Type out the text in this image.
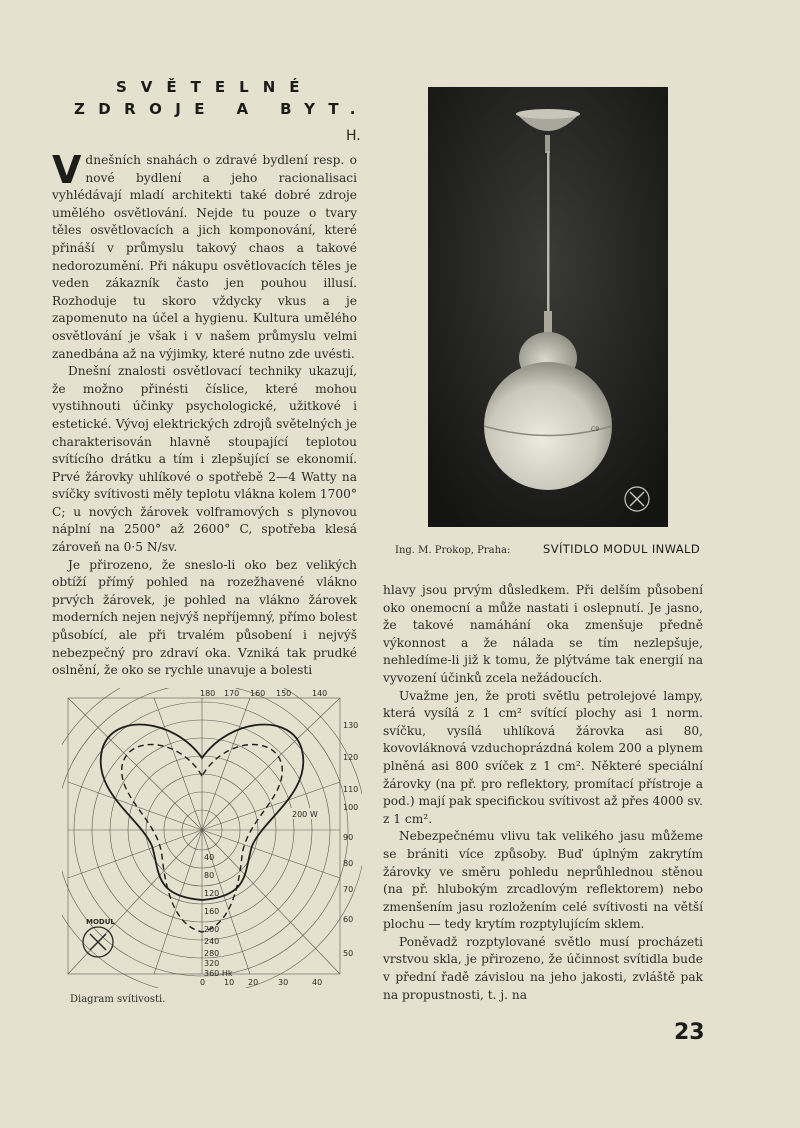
SVĚTELNÉ
ZDROJE A BYT.
H.

Vdnešních snahách o zdravé bydlení resp. o nové bydlení a jeho racionalisaci vyhlédávají mladí architekti také dobré zdroje umělého osvětlování. Nejde tu pouze o tvary těles osvětlovacích a jich komponování, které přináší v průmyslu takový chaos a takové nedorozumění. Při nákupu osvětlovacích těles je veden zákazník často jen pouhou illusí. Rozhoduje tu skoro vždycky vkus a je zapomenuto na účel a hygienu. Kultura umělého osvětlování je však i v našem průmyslu velmi zanedbána až na výjimky, které nutno zde uvésti.

Dnešní znalosti osvětlovací techniky ukazují, že možno přinésti číslice, které mohou vystihnouti účinky psychologické, užitkové i estetické. Vývoj elektrických zdrojů světelných je charakterisován hlavně stoupající teplotou svítícího drátku a tím i zlepšující se ekonomií. Prvé žárovky uhlíkové o spotřebě 2—4 Watty na svíčky svítivosti měly teplotu vlákna kolem 1700° C; u nových žárovek volframových s plynovou náplní na 2500° až 2600° C, spotřeba klesá zároveň na 0·5 N/sv.

Je přirozeno, že sneslo-li oko bez velikých obtíží přímý pohled na rozežhavené vlákno prvých žárovek, je pohled na vlákno žárovek moderních nejen nejvýš nepříjemný, přímo bolest působící, ale při trvalém působení i nejvýš nebezpečný pro zdraví oka. Vzniká tak prudké oslnění, že oko se rychle unavuje a bolesti

C9
Ing. M. Prokop, Praha:	SVÍTIDLO MODUL INWALD
200 W
180 170 160 150	140
130
120
110
100
90
80
70
60
50
0 10 20 30	40
40
80
120
160
200
240
280
320
360 Hk
MODUL
Diagram svítivosti.

hlavy jsou prvým důsledkem. Při delším působení oko onemocní a může nastati i oslepnutí. Je jasno, že takové namáhání oka zmenšuje předně výkonnost a že nálada se tím nezlepšuje, nehledíme-li již k tomu, že plýtváme tak energií na vyvození účinků zcela nežádoucích.

Uvažme jen, že proti světlu petrolejové lampy, která vysílá z 1 cm² svítící plochy asi 1 norm. svíčku, vysílá uhlíková žárovka asi 80, kovovláknová vzduchoprázdná kolem 200 a plynem plněná asi 800 svíček z 1 cm². Některé speciální žárovky (na př. pro reflektory, promítací přístroje a pod.) mají pak specifickou svítivost až přes 4000 sv. z 1 cm².

Nebezpečnému vlivu tak velikého jasu můžeme se brániti více způsoby. Buď úplným zakrytím žárovky ve směru pohledu neprůhlednou stěnou (na př. hlubokým zrcadlovým reflektorem) nebo zmenšením jasu rozložením celé svítivosti na větší plochu — tedy krytím rozptylujícím sklem.

Poněvadž rozptylované světlo musí procházeti vrstvou skla, je přirozeno, že účinnost svítidla bude v přední řadě závislou na jeho jakosti, zvláště pak na propustnosti, t. j. na

23
